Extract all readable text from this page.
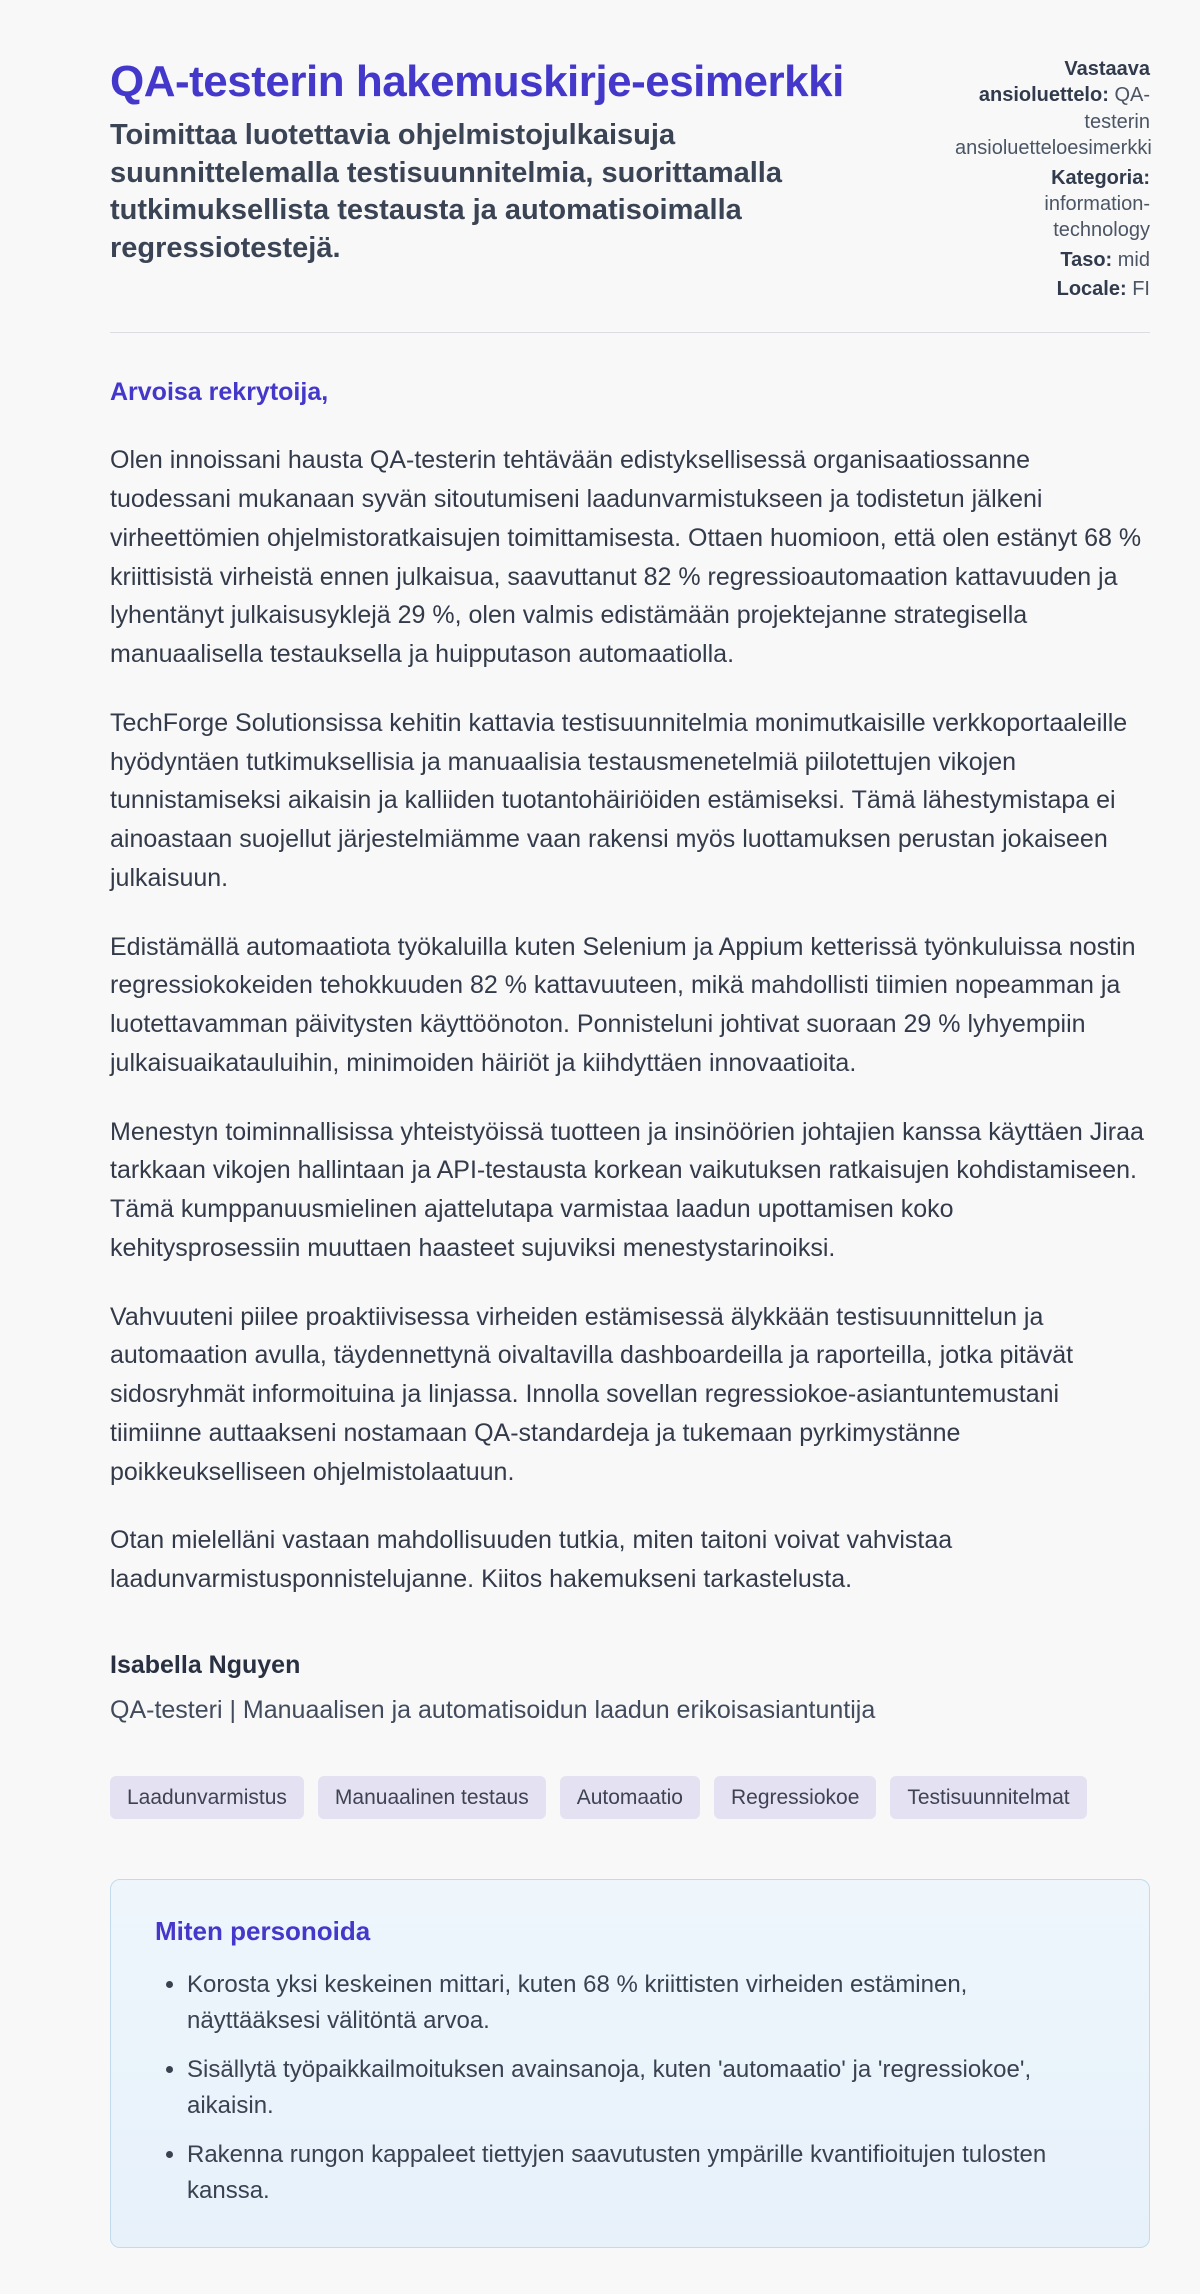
QA-testerin hakemuskirje-esimerkki
Toimittaa luotettavia ohjelmistojulkaisuja suunnittelemalla testisuunnitelmia, suorittamalla tutkimuksellista testausta ja automatisoimalla regressiotestejä.
Vastaava ansioluettelo: QA-testerin ansioluetteloesimerkki
Kategoria: information-technology
Taso: mid
Locale: FI

Arvoisa rekrytoija,

Olen innoissani hausta QA-testerin tehtävään edistyksellisessä organisaatiossanne tuodessani mukanaan syvän sitoutumiseni laadunvarmistukseen ja todistetun jälkeni virheettömien ohjelmistoratkaisujen toimittamisesta. Ottaen huomioon, että olen estänyt 68 % kriittisistä virheistä ennen julkaisua, saavuttanut 82 % regressioautomaation kattavuuden ja lyhentänyt julkaisusyklejä 29 %, olen valmis edistämään projektejanne strategisella manuaalisella testauksella ja huipputason automaatiolla.

TechForge Solutionsissa kehitin kattavia testisuunnitelmia monimutkaisille verkkoportaaleille hyödyntäen tutkimuksellisia ja manuaalisia testausmenetelmiä piilotettujen vikojen tunnistamiseksi aikaisin ja kalliiden tuotantohäiriöiden estämiseksi. Tämä lähestymistapa ei ainoastaan suojellut järjestelmiämme vaan rakensi myös luottamuksen perustan jokaiseen julkaisuun.

Edistämällä automaatiota työkaluilla kuten Selenium ja Appium ketterissä työnkuluissa nostin regressiokokeiden tehokkuuden 82 % kattavuuteen, mikä mahdollisti tiimien nopeamman ja luotettavamman päivitysten käyttöönoton. Ponnisteluni johtivat suoraan 29 % lyhyempiin julkaisuaikatauluihin, minimoiden häiriöt ja kiihdyttäen innovaatioita.

Menestyn toiminnallisissa yhteistyöissä tuotteen ja insinöörien johtajien kanssa käyttäen Jiraa tarkkaan vikojen hallintaan ja API-testausta korkean vaikutuksen ratkaisujen kohdistamiseen. Tämä kumppanuusmielinen ajattelutapa varmistaa laadun upottamisen koko kehitysprosessiin muuttaen haasteet sujuviksi menestystarinoiksi.

Vahvuuteni piilee proaktiivisessa virheiden estämisessä älykkään testisuunnittelun ja automaation avulla, täydennettynä oivaltavilla dashboardeilla ja raporteilla, jotka pitävät sidosryhmät informoituina ja linjassa. Innolla sovellan regressiokoe-asiantuntemustani tiimiinne auttaakseni nostamaan QA-standardeja ja tukemaan pyrkimystänne poikkeukselliseen ohjelmistolaatuun.

Otan mielelläni vastaan mahdollisuuden tutkia, miten taitoni voivat vahvistaa laadunvarmistusponnistelujanne. Kiitos hakemukseni tarkastelusta.

Isabella Nguyen
QA-testeri | Manuaalisen ja automatisoidun laadun erikoisasiantuntija
Laadunvarmistus	Manuaalinen testaus	Automaatio	Regressiokoe	Testisuunnitelmat
Miten personoida
• Korosta yksi keskeinen mittari, kuten 68 % kriittisten virheiden estäminen, näyttääksesi välitöntä arvoa.
• Sisällytä työpaikkailmoituksen avainsanoja, kuten 'automaatio' ja 'regressiokoe', aikaisin.
• Rakenna rungon kappaleet tiettyjen saavutusten ympärille kvantifioitujen tulosten kanssa.
